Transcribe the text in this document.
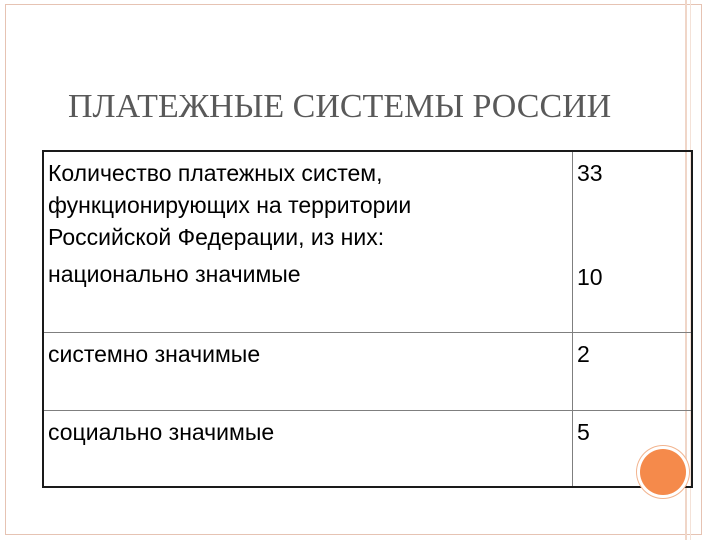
ПЛАТЕЖНЫЕ СИСТЕМЫ РОССИИ
Количество платежных систем,
функционирующих на территории
Российской Федерации, из них:	33
национально значимые	10
системно значимые	2
социально значимые	5
